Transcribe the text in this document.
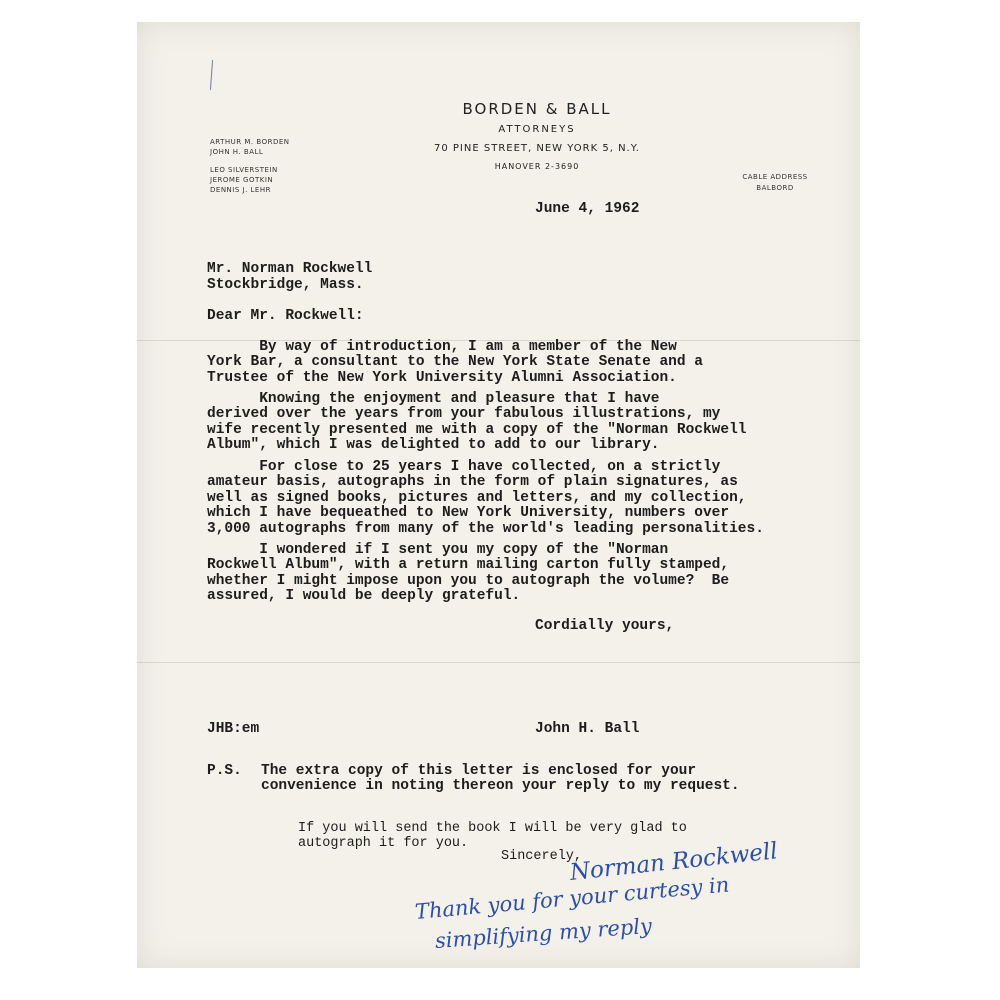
BORDEN & BALL
ATTORNEYS
70 PINE STREET, NEW YORK 5, N.Y.
HANOVER 2-3690
ARTHUR M. BORDEN
JOHN H. BALL
LEO SILVERSTEIN
JEROME GOTKIN
DENNIS J. LEHR
CABLE ADDRESS
BALBORD
June 4, 1962
Mr. Norman Rockwell
Stockbridge, Mass.
Dear Mr. Rockwell:
By way of introduction, I am a member of the New
York Bar, a consultant to the New York State Senate and a
Trustee of the New York University Alumni Association.
Knowing the enjoyment and pleasure that I have
derived over the years from your fabulous illustrations, my
wife recently presented me with a copy of the "Norman Rockwell
Album", which I was delighted to add to our library.
For close to 25 years I have collected, on a strictly
amateur basis, autographs in the form of plain signatures, as
well as signed books, pictures and letters, and my collection,
which I have bequeathed to New York University, numbers over
3,000 autographs from many of the world's leading personalities.
I wondered if I sent you my copy of the "Norman
Rockwell Album", with a return mailing carton fully stamped,
whether I might impose upon you to autograph the volume?  Be
assured, I would be deeply grateful.
Cordially yours,
JHB:em	John H. Ball
P.S. The extra copy of this letter is enclosed for your
convenience in noting thereon your reply to my request.
If you will send the book I will be very glad to
autograph it for you.
Sincerely,
Norman Rockwell
Thank you for your curtesy in
simplifying my reply
